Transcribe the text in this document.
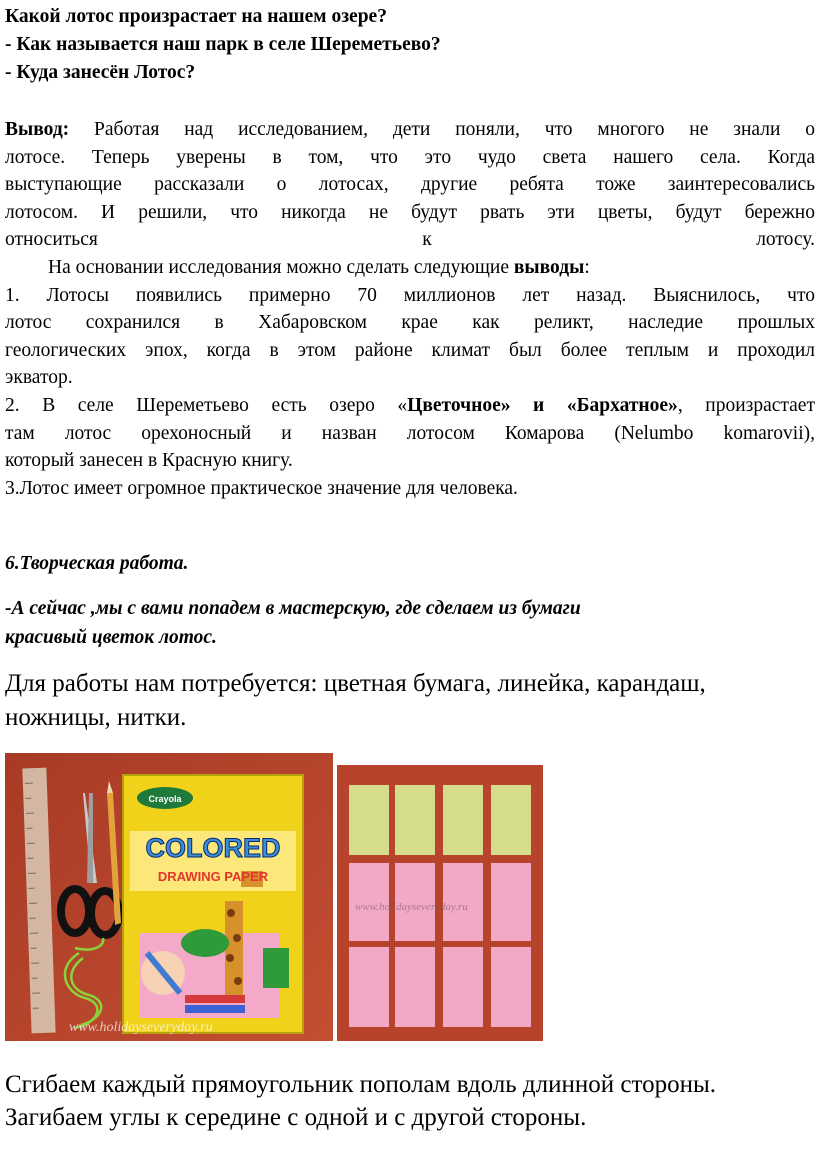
Какой лотос произрастает на нашем озере?
- Как называется наш парк в селе Шереметьево?
- Куда занесён Лотос?
Вывод: Работая над исследованием, дети поняли, что многого не знали о
лотосе. Теперь уверены в том, что это чудо света нашего села. Когда
выступающие рассказали о лотосах, другие ребята тоже заинтересовались
лотосом. И решили, что никогда не будут рвать эти цветы, будут бережно
относиться к лотосу.
На основании исследования можно сделать следующие выводы:
1. Лотосы появились примерно 70 миллионов лет назад. Выяснилось, что
лотос сохранился в Хабаровском крае как реликт, наследие прошлых
геологических эпох, когда в этом районе климат был более теплым и проходил
экватор.
2. В селе Шереметьево есть озеро «Цветочное» и «Бархатное», произрастает
там лотос орехоносный и назван лотосом Комарова (Nelumbo komarovii),
который занесен в Красную книгу.
3.Лотос имеет огромное практическое значение для человека.
6.Творческая работа.
-А сейчас ,мы с вами попадем в мастерскую, где сделаем из бумаги
красивый цветок лотос.
Для работы нам потребуется: цветная бумага, линейка, карандаш,
ножницы, нитки.
Crayola
COLORED
DRAWING PAPER
www.holidayseveryday.ru
www.holidayseveryday.ru
Сгибаем каждый прямоугольник пополам вдоль длинной стороны.
Загибаем углы к середине с одной и с другой стороны.
